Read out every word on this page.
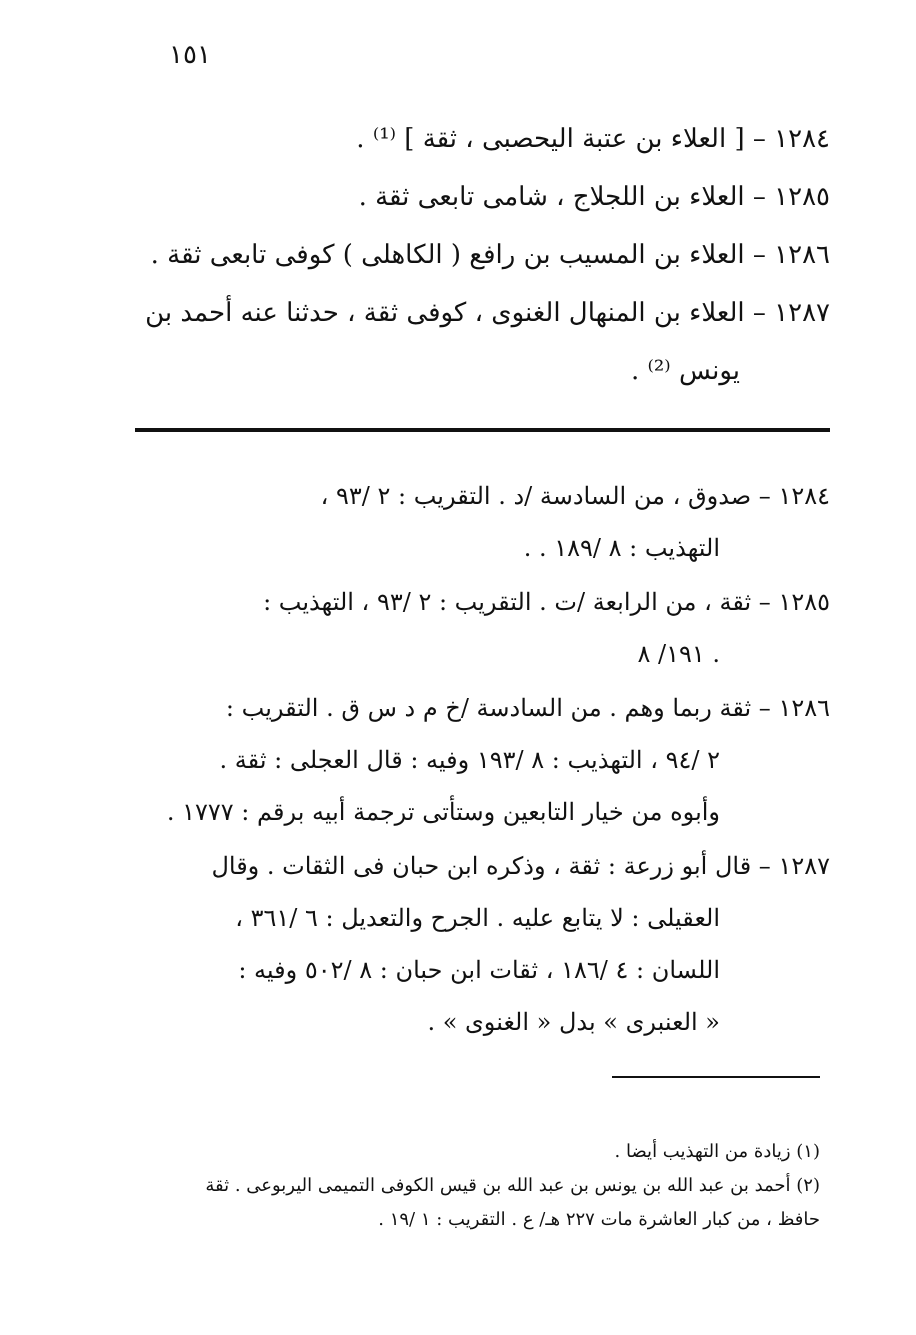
١٥١

١٢٨٤ – [ العلاء بن عتبة اليحصبى ، ثقة ] ⁽¹⁾ .

١٢٨٥ – العلاء بن اللجلاج ، شامى تابعى ثقة .

١٢٨٦ – العلاء بن المسيب بن رافع ( الكاهلى ) كوفى تابعى ثقة .

١٢٨٧ – العلاء بن المنهال الغنوى ، كوفى ثقة ، حدثنا عنه أحمد بن
يونس ⁽²⁾ .

١٢٨٤ – صدوق ، من السادسة /د . التقريب : ٢ /٩٣ ،
التهذيب : ٨ /١٨٩ . .

١٢٨٥ – ثقة ، من الرابعة /ت . التقريب : ٢ /٩٣ ، التهذيب :
. ١٩١/ ٨

١٢٨٦ – ثقة ربما وهم . من السادسة /خ م د س ق . التقريب :
٢ /٩٤ ، التهذيب : ٨ /١٩٣ وفيه : قال العجلى : ثقة .
وأبوه من خيار التابعين وستأتى ترجمة أبيه برقم : ١٧٧٧ .

١٢٨٧ – قال أبو زرعة : ثقة ، وذكره ابن حبان فى الثقات . وقال
العقيلى : لا يتابع عليه . الجرح والتعديل : ٦ /٣٦١ ،
اللسان : ٤ /١٨٦ ، ثقات ابن حبان : ٨ /٥٠٢ وفيه :
« العنبرى » بدل « الغنوى » .

(١) زيادة من التهذيب أيضا .
(٢) أحمد بن عبد الله بن يونس بن عبد الله بن قيس الكوفى التميمى اليربوعى . ثقة
حافظ ، من كبار العاشرة مات ٢٢٧ هـ/ ع . التقريب : ١ /١٩ .
